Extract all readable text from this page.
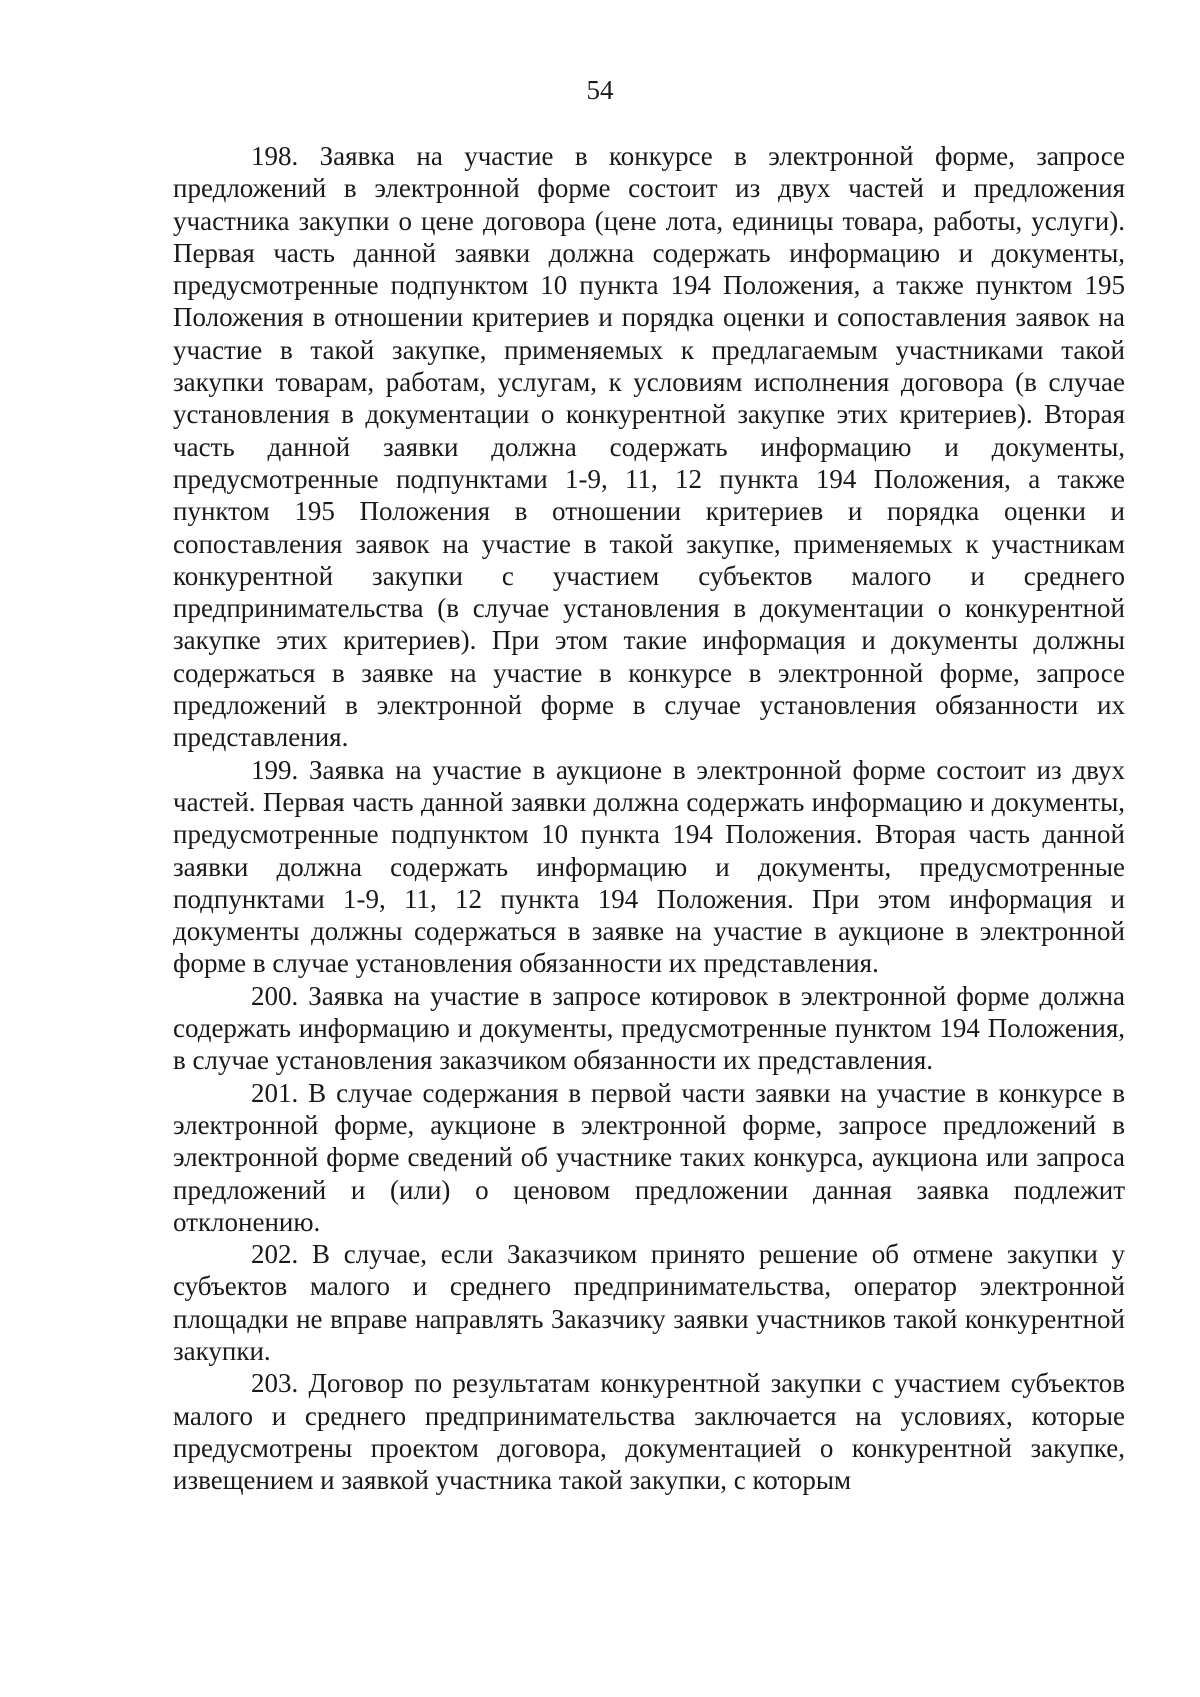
54

198. Заявка на участие в конкурсе в электронной форме, запросе предложений в электронной форме состоит из двух частей и предложения участника закупки о цене договора (цене лота, единицы товара, работы, услуги). Первая часть данной заявки должна содержать информацию и документы, предусмотренные подпунктом 10 пункта 194 Положения, а также пунктом 195 Положения в отношении критериев и порядка оценки и сопоставления заявок на участие в такой закупке, применяемых к предлагаемым участниками такой закупки товарам, работам, услугам, к условиям исполнения договора (в случае установления в документации о конкурентной закупке этих критериев). Вторая часть данной заявки должна содержать информацию и документы, предусмотренные подпунктами 1-9, 11, 12 пункта 194 Положения, а также пунктом 195 Положения в отношении критериев и порядка оценки и сопоставления заявок на участие в такой закупке, применяемых к участникам конкурентной закупки с участием субъектов малого и среднего предпринимательства (в случае установления в документации о конкурентной закупке этих критериев). При этом такие информация и документы должны содержаться в заявке на участие в конкурсе в электронной форме, запросе предложений в электронной форме в случае установления обязанности их представления.

199. Заявка на участие в аукционе в электронной форме состоит из двух частей. Первая часть данной заявки должна содержать информацию и документы, предусмотренные подпунктом 10 пункта 194 Положения. Вторая часть данной заявки должна содержать информацию и документы, предусмотренные подпунктами 1-9, 11, 12 пункта 194 Положения. При этом информация и документы должны содержаться в заявке на участие в аукционе в электронной форме в случае установления обязанности их представления.

200. Заявка на участие в запросе котировок в электронной форме должна содержать информацию и документы, предусмотренные пунктом 194 Положения, в случае установления заказчиком обязанности их представления.

201. В случае содержания в первой части заявки на участие в конкурсе в электронной форме, аукционе в электронной форме, запросе предложений в электронной форме сведений об участнике таких конкурса, аукциона или запроса предложений и (или) о ценовом предложении данная заявка подлежит отклонению.

202. В случае, если Заказчиком принято решение об отмене закупки у субъектов малого и среднего предпринимательства, оператор электронной площадки не вправе направлять Заказчику заявки участников такой конкурентной закупки.

203. Договор по результатам конкурентной закупки с участием субъектов малого и среднего предпринимательства заключается на условиях, которые предусмотрены проектом договора, документацией о конкурентной закупке, извещением и заявкой участника такой закупки, с которым
